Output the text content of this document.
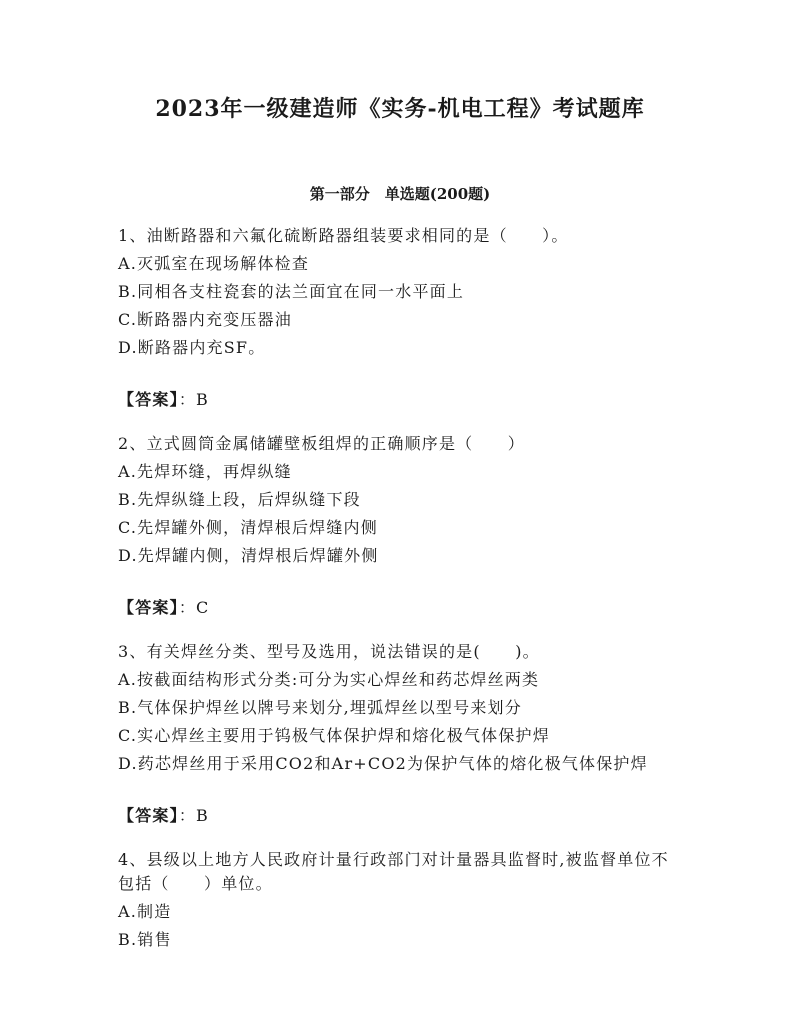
2023年一级建造师《实务-机电工程》考试题库
第一部分　单选题(200题)
1、油断路器和六氟化硫断路器组装要求相同的是（　　）。
A.灭弧室在现场解体检查
B.同相各支柱瓷套的法兰面宜在同一水平面上
C.断路器内充变压器油
D.断路器内充SF。
【答案】：B
2、立式圆筒金属储罐壁板组焊的正确顺序是（　　）
A.先焊环缝，再焊纵缝
B.先焊纵缝上段，后焊纵缝下段
C.先焊罐外侧，清焊根后焊缝内侧
D.先焊罐内侧，清焊根后焊罐外侧
【答案】：C
3、有关焊丝分类、型号及选用，说法错误的是(　　)。
A.按截面结构形式分类:可分为实心焊丝和药芯焊丝两类
B.气体保护焊丝以牌号来划分,埋弧焊丝以型号来划分
C.实心焊丝主要用于钨极气体保护焊和熔化极气体保护焊
D.药芯焊丝用于采用CO2和Ar+CO2为保护气体的熔化极气体保护焊
【答案】：B
4、县级以上地方人民政府计量行政部门对计量器具监督时,被监督单位不包括（　　）单位。
A.制造
B.销售
